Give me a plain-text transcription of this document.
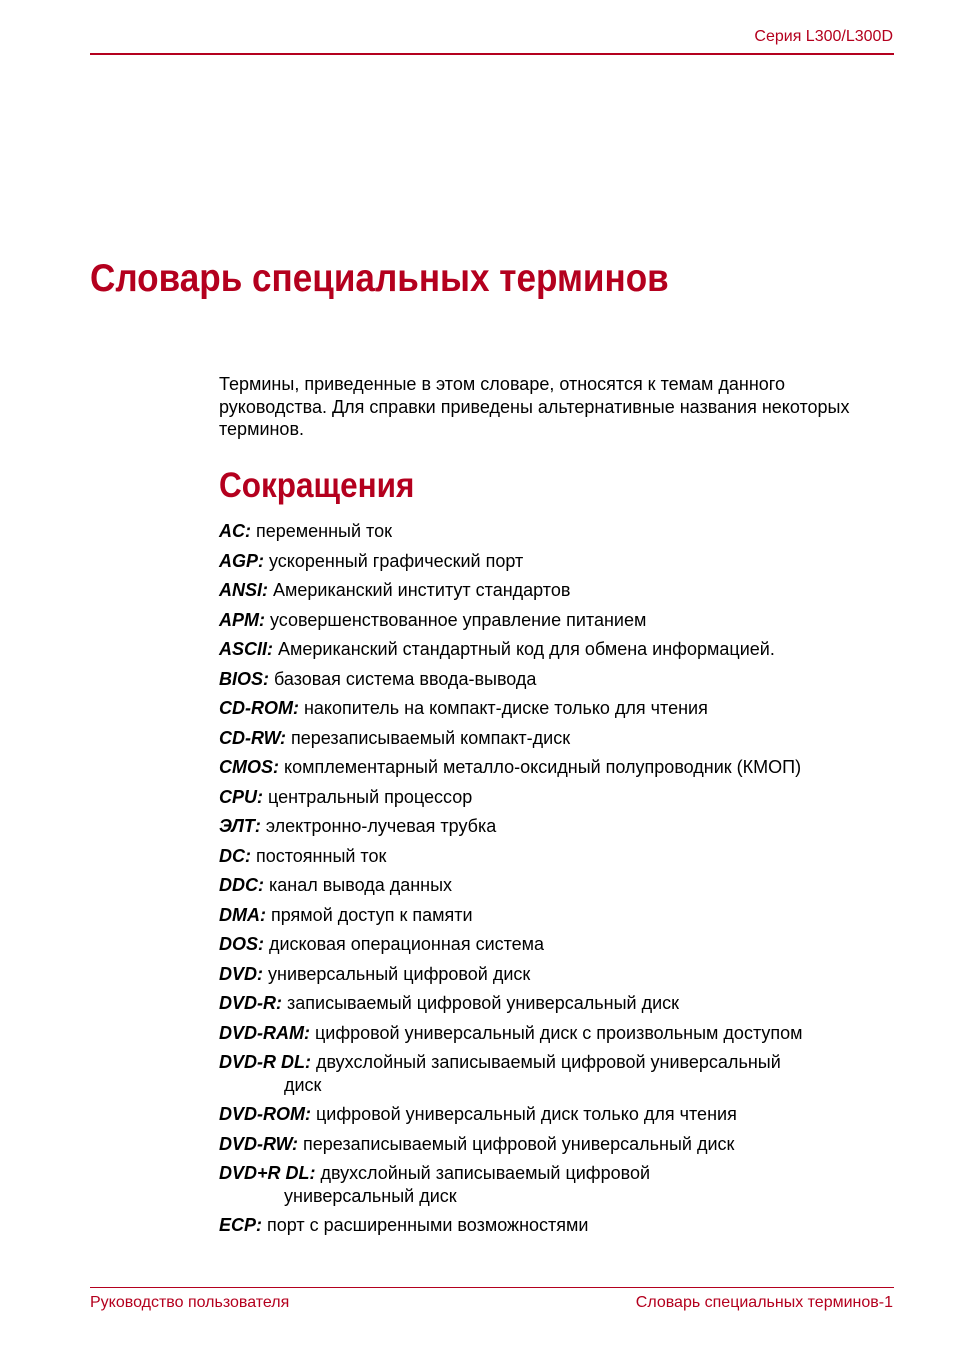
Серия L300/L300D
Словарь специальных терминов

Термины, приведенные в этом словаре, относятся к темам данного руководства. Для справки приведены альтернативные названия некоторых терминов.

Сокращения
AC: переменный ток
AGP: ускоренный графический порт
ANSI: Американский институт стандартов
APM: усовершенствованное управление питанием
ASCII: Американский стандартный код для обмена информацией.
BIOS: базовая система ввода-вывода
CD-ROM: накопитель на компакт-диске только для чтения
CD-RW: перезаписываемый компакт-диск
CMOS: комплементарный металло-оксидный полупроводник (КМОП)
CPU: центральный процессор
ЭЛТ: электронно-лучевая трубка
DC: постоянный ток
DDC: канал вывода данных
DMA: прямой доступ к памяти
DOS: дисковая операционная система
DVD: универсальный цифровой диск
DVD-R: записываемый цифровой универсальный диск
DVD-RAM: цифровой универсальный диск с произвольным доступом
DVD-R DL: двухслойный записываемый цифровой универсальный диск
DVD-ROM: цифровой универсальный диск только для чтения
DVD-RW: перезаписываемый цифровой универсальный диск
DVD+R DL: двухслойный записываемый цифровой универсальный диск
ECP: порт с расширенными возможностями
Руководство пользователя	Словарь специальных терминов-1
